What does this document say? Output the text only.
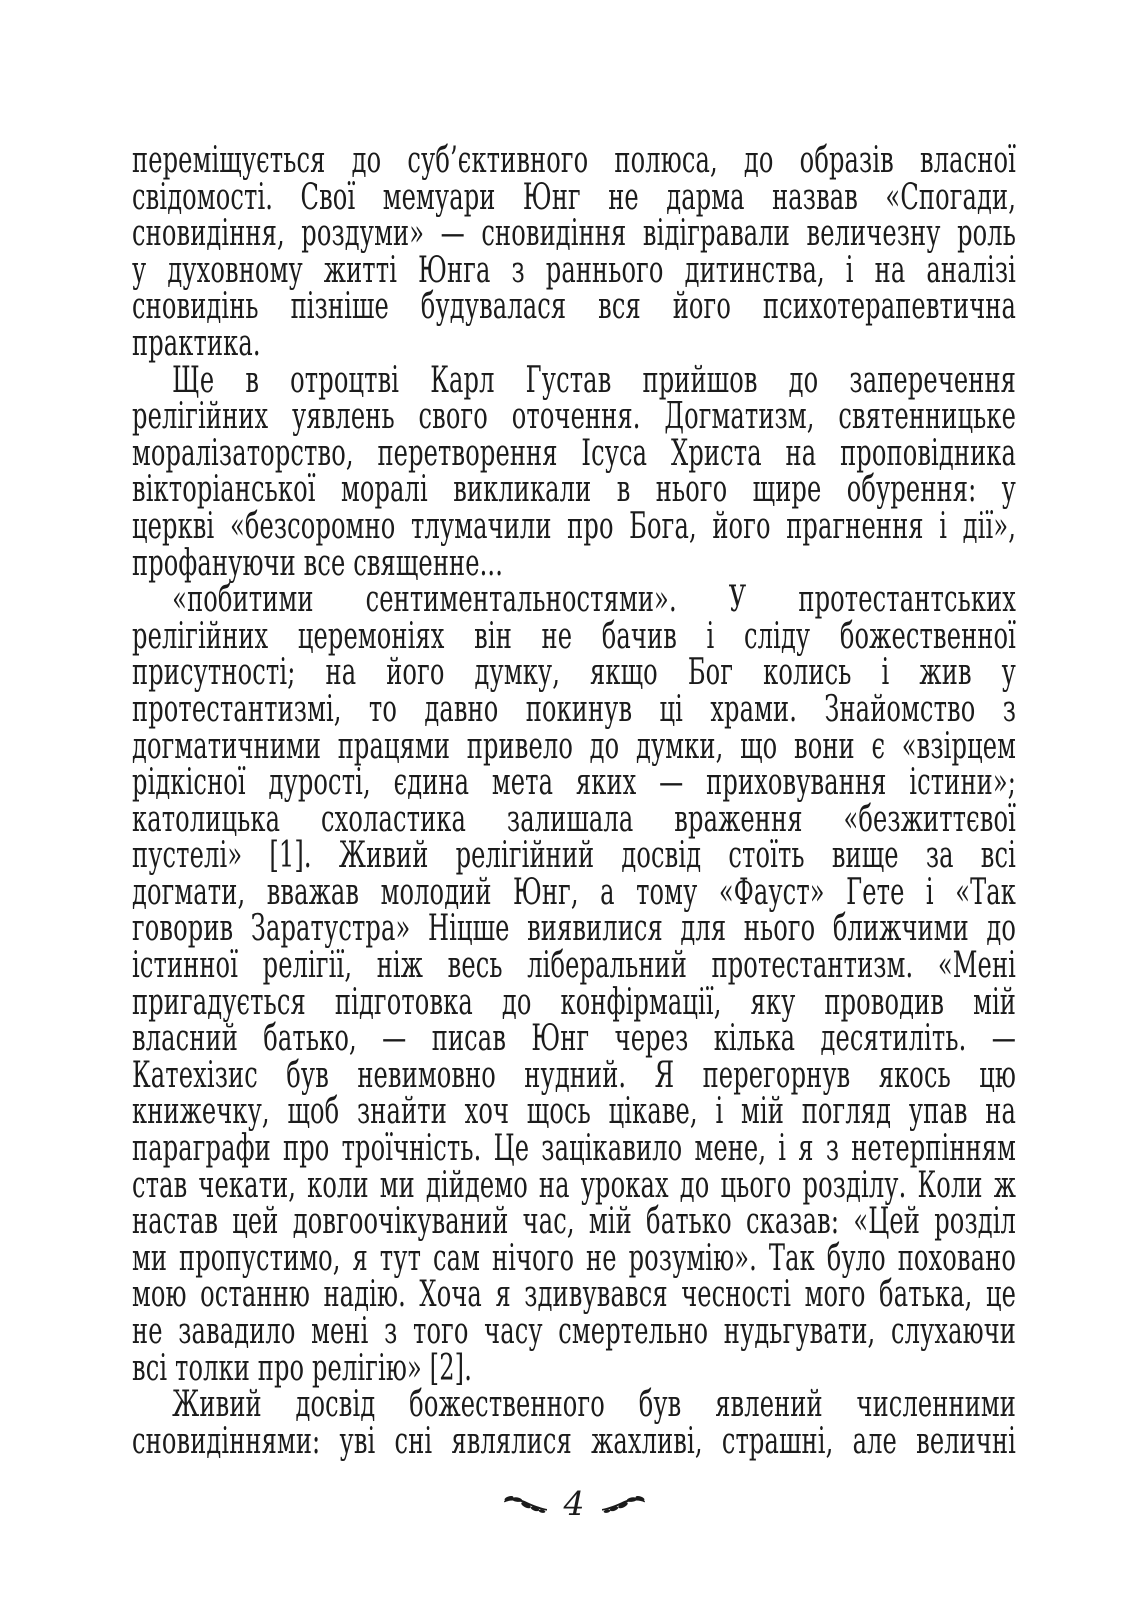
переміщується до суб’єктивного полюса, до образів власної
свідомості. Свої мемуари Юнг не дарма назвав «Спогади,
сновидіння, роздуми» — сновидіння відігравали величезну роль
у духовному житті Юнга з раннього дитинства, і на аналізі
сновидінь пізніше будувалася вся його психотерапевтична
практика.
Ще в отроцтві Карл Густав прийшов до заперечення
релігійних уявлень свого оточення. Догматизм, святенницьке
моралізаторство, перетворення Ісуса Христа на проповідника
вікторіанської моралі викликали в нього щире обурення: у
церкві «безсоромно тлумачили про Бога, його прагнення і дії»,
профануючи все священне...
«побитими сентиментальностями». У протестантських
релігійних церемоніях він не бачив і сліду божественної
присутності; на його думку, якщо Бог колись і жив у
протестантизмі, то давно покинув ці храми. Знайомство з
догматичними працями привело до думки, що вони є «взірцем
рідкісної дурості, єдина мета яких — приховування істини»;
католицька схоластика залишала враження «безжиттєвої
пустелі» [1]. Живий релігійний досвід стоїть вище за всі
догмати, вважав молодий Юнг, а тому «Фауст» Гете і «Так
говорив Заратустра» Ніцше виявилися для нього ближчими до
істинної релігії, ніж весь ліберальний протестантизм. «Мені
пригадується підготовка до конфірмації, яку проводив мій
власний батько, — писав Юнг через кілька десятиліть. —
Катехізис був невимовно нудний. Я перегорнув якось цю
книжечку, щоб знайти хоч щось цікаве, і мій погляд упав на
параграфи про троїчність. Це зацікавило мене, і я з нетерпінням
став чекати, коли ми дійдемо на уроках до цього розділу. Коли ж
настав цей довгоочікуваний час, мій батько сказав: «Цей розділ
ми пропустимо, я тут сам нічого не розумію». Так було поховано
мою останню надію. Хоча я здивувався чесності мого батька, це
не завадило мені з того часу смертельно нудьгувати, слухаючи
всі толки про релігію» [2].
Живий досвід божественного був явлений численними
сновидіннями: уві сні являлися жахливі, страшні, але величні
4
